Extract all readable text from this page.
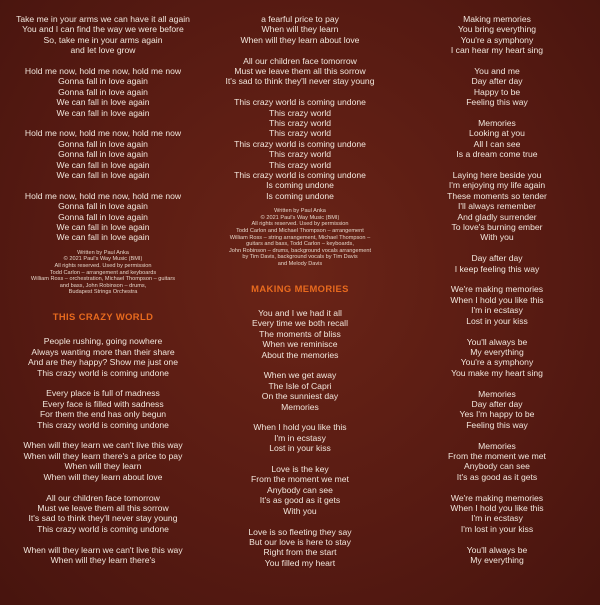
Take me in your arms we can have it all again
You and I can find the way we were before
So, take me in your arms again
and let love grow
Hold me now, hold me now, hold me now
Gonna fall in love again
Gonna fall in love again
We can fall in love again
We can fall in love again
Hold me now, hold me now, hold me now
Gonna fall in love again
Gonna fall in love again
We can fall in love again
We can fall in love again
Hold me now, hold me now, hold me now
Gonna fall in love again
Gonna fall in love again
We can fall in love again
We can fall in love again
Written by Paul Anka
© 2021 Paul's Way Music (BMI)
All rights reserved. Used by permission
Todd Carlon – arrangement and keyboards
William Ross – orchestration, Michael Thompson – guitars
and bass, John Robinson – drums,
Budapest Strings Orchestra
THIS CRAZY WORLD
People rushing, going nowhere
Always wanting more than their share
And are they happy? Show me just one
This crazy world is coming undone
Every place is full of madness
Every face is filled with sadness
For them the end has only begun
This crazy world is coming undone
When will they learn we can't live this way
When will they learn there's a price to pay
When will they learn
When will they learn about love
All our children face tomorrow
Must we leave them all this sorrow
It's sad to think they'll never stay young
This crazy world is coming undone
When will they learn we can't live this way
When will they learn there's
a fearful price to pay
When will they learn
When will they learn about love
All our children face tomorrow
Must we leave them all this sorrow
It's sad to think they'll never stay young
This crazy world is coming undone
This crazy world
This crazy world
This crazy world
This crazy world is coming undone
This crazy world
This crazy world
This crazy world is coming undone
Is coming undone
Is coming undone
Written by Paul Anka
© 2021 Paul's Way Music (BMI)
All rights reserved. Used by permission
Todd Carlon and Michael Thompson – arrangement
William Ross – string arrangement, Michael Thompson –
guitars and bass, Todd Carlon – keyboards,
John Robinson – drums, background vocals arrangement
by Tim Davis, background vocals by Tim Davis
and Melody Davis
MAKING MEMORIES
You and I we had it all
Every time we both recall
The moments of bliss
When we reminisce
About the memories
When we get away
The Isle of Capri
On the sunniest day
Memories
When I hold you like this
I'm in ecstasy
Lost in your kiss
Love is the key
From the moment we met
Anybody can see
It's as good as it gets
With you
Love is so fleeting they say
But our love is here to stay
Right from the start
You filled my heart
Making memories
You bring everything
You're a symphony
I can hear my heart sing
You and me
Day after day
Happy to be
Feeling this way
Memories
Looking at you
All I can see
Is a dream come true
Laying here beside you
I'm enjoying my life again
These moments so tender
I'll always remember
And gladly surrender
To love's burning ember
With you
Day after day
I keep feeling this way
We're making memories
When I hold you like this
I'm in ecstasy
Lost in your kiss
You'll always be
My everything
You're a symphony
You make my heart sing
Memories
Day after day
Yes I'm happy to be
Feeling this way
Memories
From the moment we met
Anybody can see
It's as good as it gets
We're making memories
When I hold you like this
I'm in ecstasy
I'm lost in your kiss
You'll always be
My everything
